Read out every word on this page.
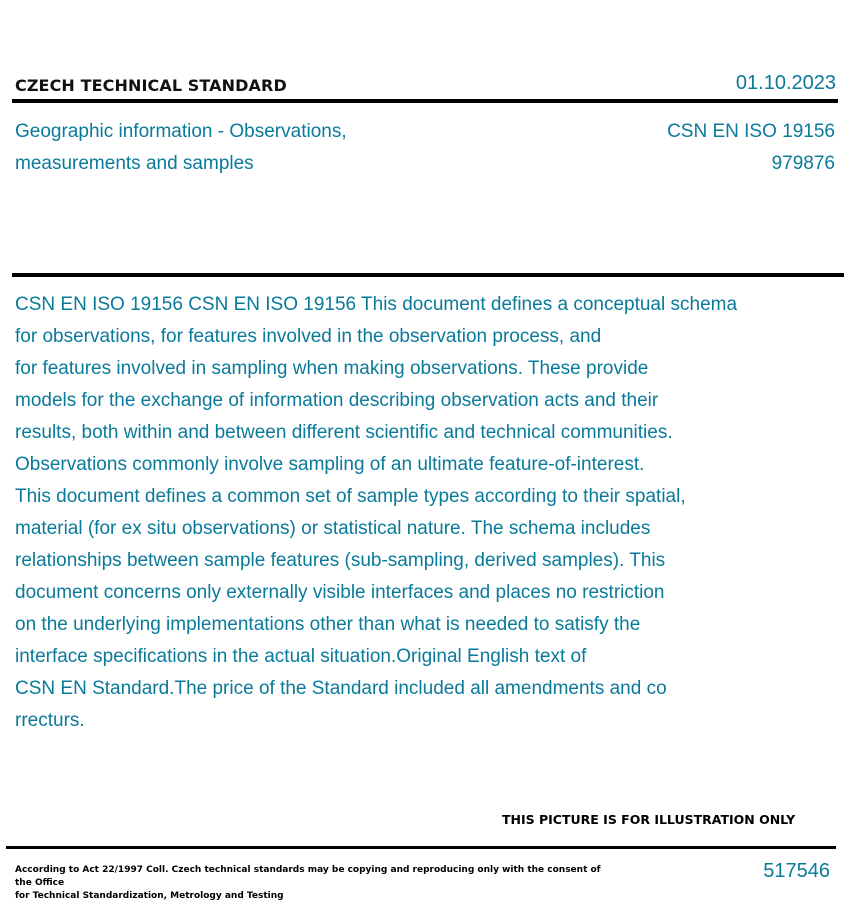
CZECH TECHNICAL STANDARD	01.10.2023
Geographic information - Observations,
measurements and samples
CSN EN ISO 19156
979876
CSN EN ISO 19156 CSN EN ISO 19156 This document defines a conceptual schema
for observations, for features involved in the observation process, and
for features involved in sampling when making observations. These provide
models for the exchange of information describing observation acts and their
results, both within and between different scientific and technical communities.
Observations commonly involve sampling of an ultimate feature-of-interest.
This document defines a common set of sample types according to their spatial,
material (for ex situ observations) or statistical nature. The schema includes
relationships between sample features (sub-sampling, derived samples). This
document concerns only externally visible interfaces and places no restriction
on the underlying implementations other than what is needed to satisfy the
interface specifications in the actual situation.Original English text of
CSN EN Standard.The price of the Standard included all amendments and co
rrecturs.
THIS PICTURE IS FOR ILLUSTRATION ONLY
According to Act 22/1997 Coll. Czech technical standards may be copying and reproducing only with the consent of the Office
for Technical Standardization, Metrology and Testing
517546
